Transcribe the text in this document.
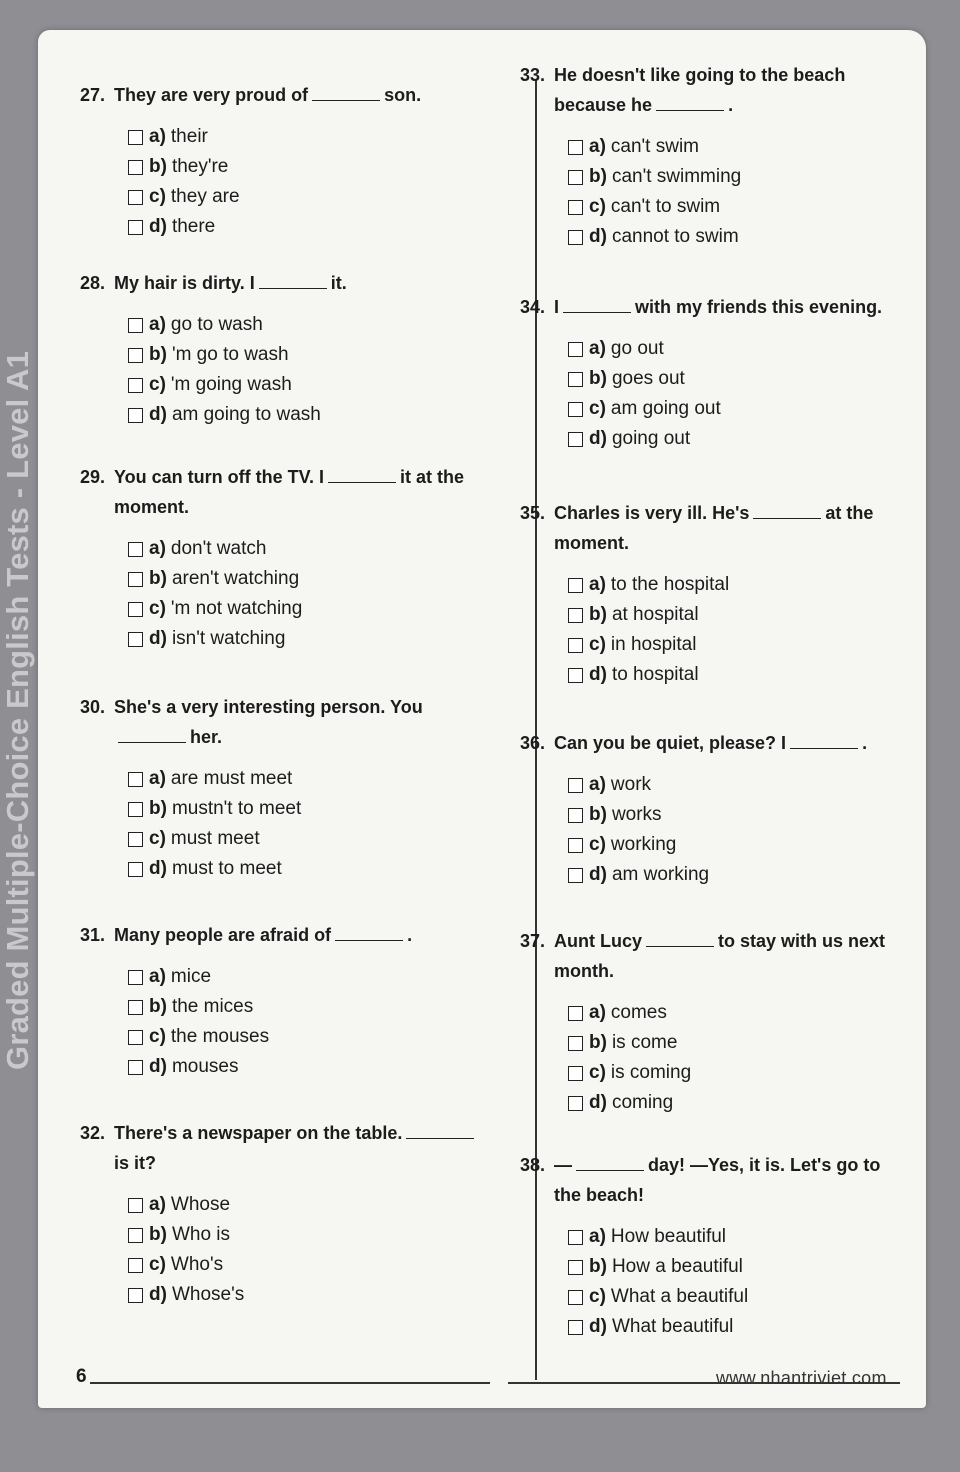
Graded Multiple-Choice English Tests - Level A1
27. They are very proud of	son.
a) their
b) they're
c) they are
d) there
28. My hair is dirty. I	it.
a) go to wash
b) 'm go to wash
c) 'm going wash
d) am going to wash
29. You can turn off the TV. I	it at the moment.
a) don't watch
b) aren't watching
c) 'm not watching
d) isn't watching
30. She's a very interesting person. Youher.
a) are must meet
b) mustn't to meet
c) must meet
d) must to meet
31. Many people are afraid of	.
a) mice
b) the mices
c) the mouses
d) mouses
32. There's a newspaper on the table.is it?
a) Whose
b) Who is
c) Who's
d) Whose's
33. He doesn't like going to the beach because he	.
a) can't swim
b) can't swimming
c) can't to swim
d) cannot to swim
34. I	with my friends this evening.
a) go out
b) goes out
c) am going out
d) going out
35. Charles is very ill. He's	at the moment.
a) to the hospital
b) at hospital
c) in hospital
d) to hospital
36. Can you be quiet, please? I	.
a) work
b) works
c) working
d) am working
37. Aunt Lucy	to stay with us next month.
a) comes
b) is come
c) is coming
d) coming
38. —	day! —Yes, it is. Let's go to the beach!
a) How beautiful
b) How a beautiful
c) What a beautiful
d) What beautiful
6	www.nhantriviet.com
